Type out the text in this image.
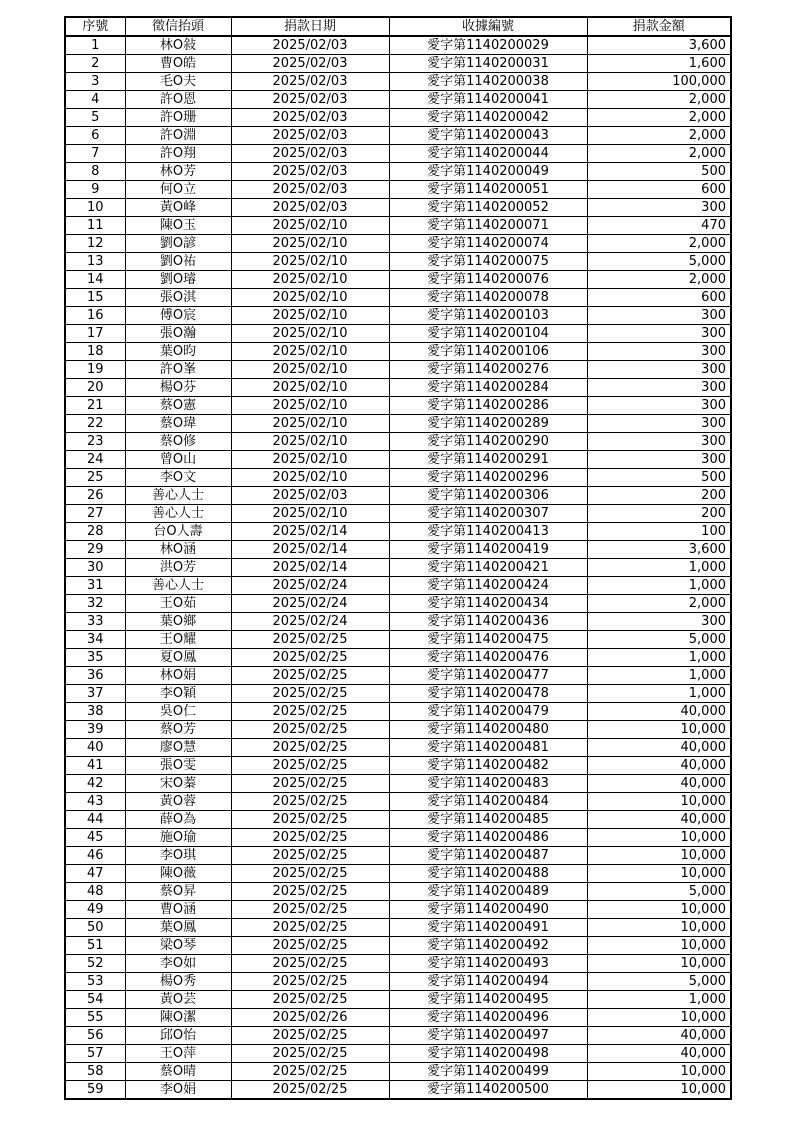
序號	徵信抬頭	捐款日期	收據編號	捐款金額
1	林O敍	2025/02/03	愛字第1140200029	3,600
2	曹O皓	2025/02/03	愛字第1140200031	1,600
3	毛O夫	2025/02/03	愛字第1140200038	100,000
4	許O恩	2025/02/03	愛字第1140200041	2,000
5	許O珊	2025/02/03	愛字第1140200042	2,000
6	許O淵	2025/02/03	愛字第1140200043	2,000
7	許O翔	2025/02/03	愛字第1140200044	2,000
8	林O芳	2025/02/03	愛字第1140200049	500
9	何O立	2025/02/03	愛字第1140200051	600
10	黃O峰	2025/02/03	愛字第1140200052	300
11	陳O玉	2025/02/10	愛字第1140200071	470
12	劉O諺	2025/02/10	愛字第1140200074	2,000
13	劉O祐	2025/02/10	愛字第1140200075	5,000
14	劉O璿	2025/02/10	愛字第1140200076	2,000
15	張O淇	2025/02/10	愛字第1140200078	600
16	傅O宸	2025/02/10	愛字第1140200103	300
17	張O瀚	2025/02/10	愛字第1140200104	300
18	葉O昀	2025/02/10	愛字第1140200106	300
19	許O峯	2025/02/10	愛字第1140200276	300
20	楊O芬	2025/02/10	愛字第1140200284	300
21	蔡O憲	2025/02/10	愛字第1140200286	300
22	蔡O瑋	2025/02/10	愛字第1140200289	300
23	蔡O修	2025/02/10	愛字第1140200290	300
24	曾O山	2025/02/10	愛字第1140200291	300
25	李O文	2025/02/10	愛字第1140200296	500
26	善心人士	2025/02/03	愛字第1140200306	200
27	善心人士	2025/02/10	愛字第1140200307	200
28	台O人壽	2025/02/14	愛字第1140200413	100
29	林O涵	2025/02/14	愛字第1140200419	3,600
30	洪O芳	2025/02/14	愛字第1140200421	1,000
31	善心人士	2025/02/24	愛字第1140200424	1,000
32	王O茹	2025/02/24	愛字第1140200434	2,000
33	葉O鄉	2025/02/24	愛字第1140200436	300
34	王O耀	2025/02/25	愛字第1140200475	5,000
35	夏O鳳	2025/02/25	愛字第1140200476	1,000
36	林O娟	2025/02/25	愛字第1140200477	1,000
37	李O穎	2025/02/25	愛字第1140200478	1,000
38	吳O仁	2025/02/25	愛字第1140200479	40,000
39	蔡O芳	2025/02/25	愛字第1140200480	10,000
40	廖O慧	2025/02/25	愛字第1140200481	40,000
41	張O雯	2025/02/25	愛字第1140200482	40,000
42	宋O蓁	2025/02/25	愛字第1140200483	40,000
43	黃O蓉	2025/02/25	愛字第1140200484	10,000
44	薛O為	2025/02/25	愛字第1140200485	40,000
45	施O瑜	2025/02/25	愛字第1140200486	10,000
46	李O琪	2025/02/25	愛字第1140200487	10,000
47	陳O薇	2025/02/25	愛字第1140200488	10,000
48	蔡O昇	2025/02/25	愛字第1140200489	5,000
49	曹O涵	2025/02/25	愛字第1140200490	10,000
50	葉O鳳	2025/02/25	愛字第1140200491	10,000
51	梁O琴	2025/02/25	愛字第1140200492	10,000
52	李O如	2025/02/25	愛字第1140200493	10,000
53	楊O秀	2025/02/25	愛字第1140200494	5,000
54	黃O芸	2025/02/25	愛字第1140200495	1,000
55	陳O潔	2025/02/26	愛字第1140200496	10,000
56	邱O怡	2025/02/25	愛字第1140200497	40,000
57	王O萍	2025/02/25	愛字第1140200498	40,000
58	蔡O晴	2025/02/25	愛字第1140200499	10,000
59	李O娟	2025/02/25	愛字第1140200500	10,000
